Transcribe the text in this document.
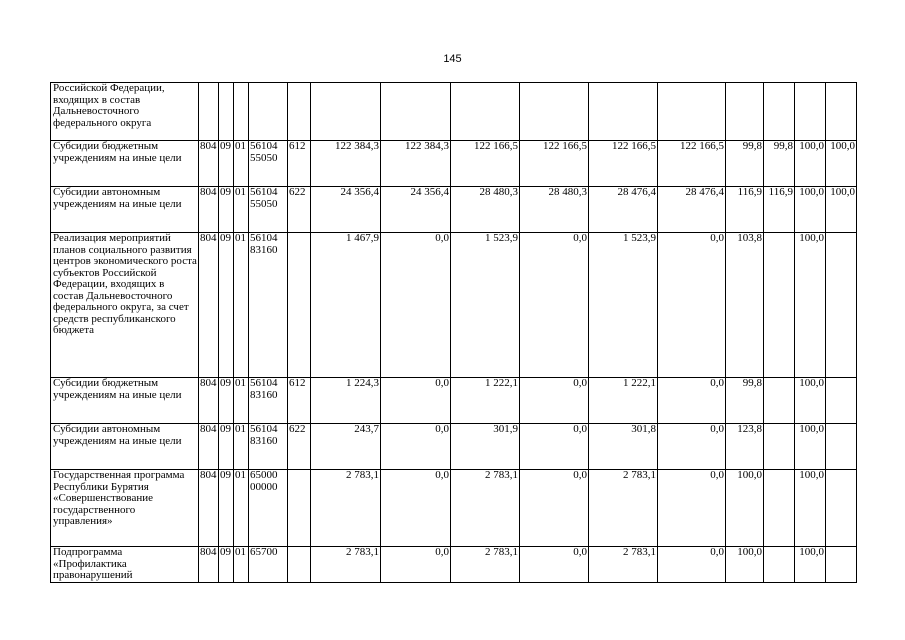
145
Российской Федерации, входящих в состав Дальневосточного федерального округа															
Субсидии бюджетным учреждениям на иные цели	804	09	01	56104 55050	612	122 384,3	122 384,3	122 166,5	122 166,5	122 166,5	122 166,5	99,8	99,8	100,0	100,0
Субсидии автономным учреждениям на иные цели	804	09	01	56104 55050	622	24 356,4	24 356,4	28 480,3	28 480,3	28 476,4	28 476,4	116,9	116,9	100,0	100,0
Реализация мероприятий планов социального развития центров экономического роста субъектов Российской Федерации, входящих в состав Дальневосточного федерального округа, за счет средств республиканского бюджета	804	09	01	56104 83160		1 467,9	0,0	1 523,9	0,0	1 523,9	0,0	103,8		100,0	
Субсидии бюджетным учреждениям на иные цели	804	09	01	56104 83160	612	1 224,3	0,0	1 222,1	0,0	1 222,1	0,0	99,8		100,0	
Субсидии автономным учреждениям на иные цели	804	09	01	56104 83160	622	243,7	0,0	301,9	0,0	301,8	0,0	123,8		100,0	
Государственная программа Республики Бурятия «Совершенствование государственного управления»	804	09	01	65000 00000		2 783,1	0,0	2 783,1	0,0	2 783,1	0,0	100,0		100,0	
Подпрограмма «Профилактика правонарушений	804	09	01	65700		2 783,1	0,0	2 783,1	0,0	2 783,1	0,0	100,0		100,0	
